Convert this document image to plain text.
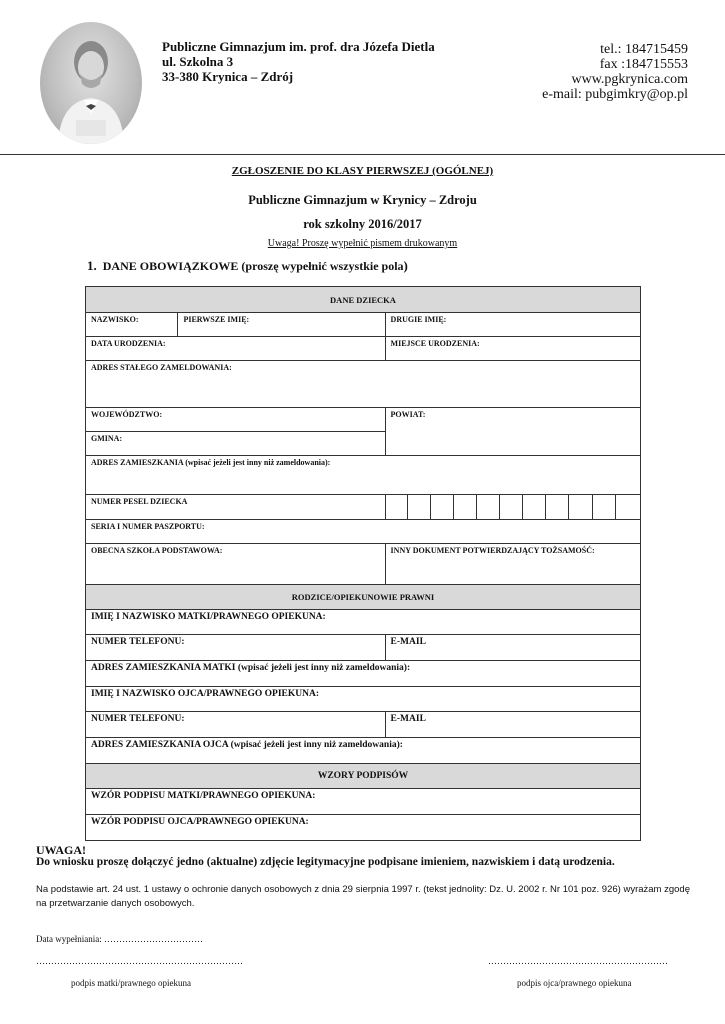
Publiczne Gimnazjum im. prof. dra Józefa Dietla
ul. Szkolna 3
33-380 Krynica – Zdrój
tel.: 184715459
fax :184715553
www.pgkrynica.com
e-mail: pubgimkry@op.pl
ZGŁOSZENIE DO KLASY PIERWSZEJ (OGÓLNEJ)
Publiczne Gimnazjum w Krynicy – Zdroju
rok szkolny 2016/2017
Uwaga! Proszę wypełnić pismem drukowanym
1. DANE OBOWIĄZKOWE (proszę wypełnić wszystkie pola)
DANE DZIECKA												
NAZWISKO:	PIERWSZE IMIĘ:	DRUGIE IMIĘ:										
DATA URODZENIA:		MIEJSCE URODZENIA:										
ADRES STAŁEGO ZAMELDOWANIA:												
WOJEWÓDZTWO:		POWIAT:										
GMINA:												
ADRES ZAMIESZKANIA (wpisać jeżeli jest inny niż zameldowania):												
NUMER PESEL DZIECKA												
SERIA I NUMER PASZPORTU:												
OBECNA SZKOŁA PODSTAWOWA:		INNY DOKUMENT POTWIERDZAJĄCY TOŻSAMOŚĆ:										
RODZICE/OPIEKUNOWIE PRAWNI												
IMIĘ I NAZWISKO MATKI/PRAWNEGO OPIEKUNA:												
NUMER TELEFONU:		E-MAIL										
ADRES ZAMIESZKANIA MATKI (wpisać jeżeli jest inny niż zameldowania):												
IMIĘ I NAZWISKO OJCA/PRAWNEGO OPIEKUNA:												
NUMER TELEFONU:		E-MAIL										
ADRES ZAMIESZKANIA OJCA (wpisać jeżeli jest inny niż zameldowania):												
WZORY PODPISÓW												
WZÓR PODPISU MATKI/PRAWNEGO OPIEKUNA:												
WZÓR PODPISU OJCA/PRAWNEGO OPIEKUNA:												
UWAGA!
Do wniosku proszę dołączyć jedno (aktualne) zdjęcie legitymacyjne podpisane imieniem, nazwiskiem i datą urodzenia.
Na podstawie art. 24 ust. 1 ustawy o ochronie danych osobowych z dnia 29 sierpnia 1997 r. (tekst jednolity: Dz. U. 2002 r. Nr 101 poz. 926) wyrażam zgodę na przetwarzanie danych osobowych.
Data wypełniania: ……………………………
……………………………………………………………	……………………………………………………
podpis matki/prawnego opiekuna	podpis ojca/prawnego opiekuna
